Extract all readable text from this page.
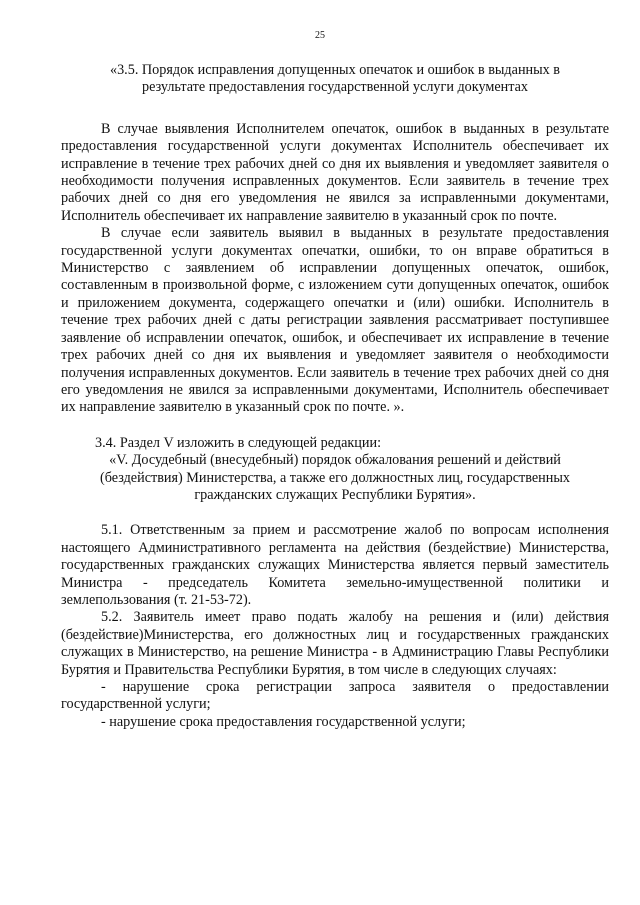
25
«3.5. Порядок исправления допущенных опечаток и ошибок в выданных в
результате предоставления государственной услуги документах

В случае выявления Исполнителем опечаток, ошибок в выданных в результате предоставления государственной услуги документах Исполнитель обеспечивает их исправление в течение трех рабочих дней со дня их выявления и уведомляет заявителя о необходимости получения исправленных документов. Если заявитель в течение трех рабочих дней со дня его уведомления не явился за исправленными документами, Исполнитель обеспечивает их направление заявителю в указанный срок по почте.

В случае если заявитель выявил в выданных в результате предоставления государственной услуги документах опечатки, ошибки, то он вправе обратиться в Министерство с заявлением об исправлении допущенных опечаток, ошибок, составленным в произвольной форме, с изложением сути допущенных опечаток, ошибок и приложением документа, содержащего опечатки и (или) ошибки. Исполнитель в течение трех рабочих дней с даты регистрации заявления рассматривает поступившее заявление об исправлении опечаток, ошибок, и обеспечивает их исправление в течение трех рабочих дней со дня их выявления и уведомляет заявителя о необходимости получения исправленных документов. Если заявитель в течение трех рабочих дней со дня его уведомления не явился за исправленными документами, Исполнитель обеспечивает их направление заявителю в указанный срок по почте. ».

3.4. Раздел V изложить в следующей редакции:

«V. Досудебный (внесудебный) порядок обжалования решений и действий
(бездействия) Министерства, а также его должностных лиц, государственных
гражданских служащих Республики Бурятия».

5.1. Ответственным за прием и рассмотрение жалоб по вопросам исполнения настоящего Административного регламента на действия (бездействие) Министерства, государственных гражданских служащих Министерства является первый заместитель Министра - председатель Комитета земельно-имущественной политики и землепользования (т. 21-53-72).

5.2. Заявитель имеет право подать жалобу на решения и (или) действия (бездействие)Министерства, его должностных лиц и государственных гражданских служащих в Министерство, на решение Министра - в Администрацию Главы Республики Бурятия и Правительства Республики Бурятия, в том числе в следующих случаях:

- нарушение срока регистрации запроса заявителя о предоставлении государственной услуги;

- нарушение срока предоставления государственной услуги;
